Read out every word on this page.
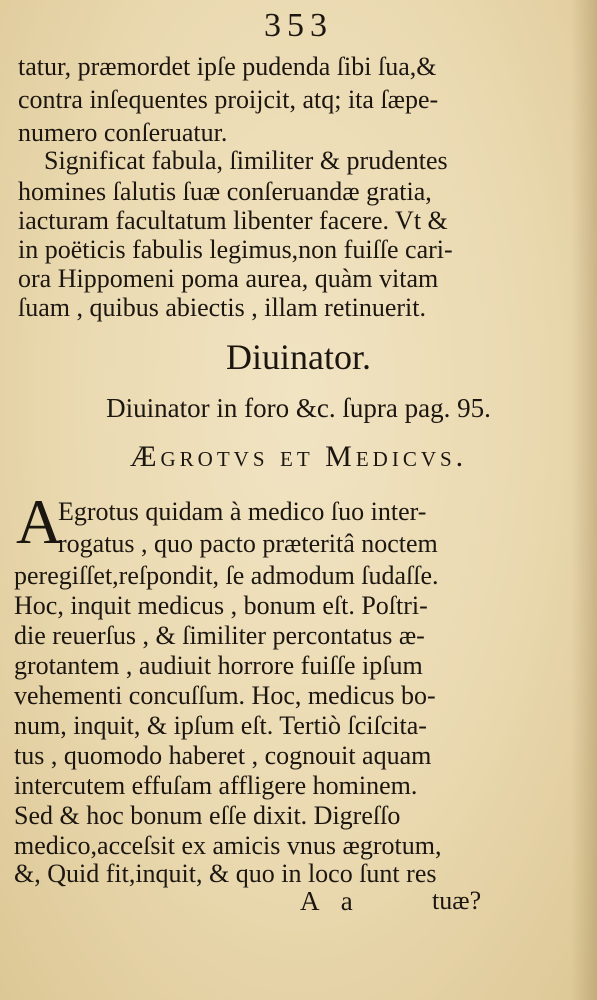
353
tatur, præmordet ipſe pudenda ſibi ſua,&
contra inſequentes proijcit, atq; ita ſæpe-
numero conſeruatur.
Significat fabula, ſimiliter & prudentes
homines ſalutis ſuæ conſeruandæ gratia,
iacturam facultatum libenter facere. Vt &
in poëticis fabulis legimus,non fuiſſe cari-
ora Hippomeni poma aurea, quàm vitam
ſuam , quibus abiectis , illam retinuerit.
Diuinator.
Diuinator in foro &c. ſupra pag. 95.
Ægrotvs et Medicvs.
A
Egrotus quidam à medico ſuo inter-
rogatus , quo pacto præteritâ noctem
peregiſſet,reſpondit, ſe admodum ſudaſſe.
Hoc, inquit medicus , bonum eſt. Poſtri-
die reuerſus , & ſimiliter percontatus æ-
grotantem , audiuit horrore fuiſſe ipſum
vehementi concuſſum. Hoc, medicus bo-
num, inquit, & ipſum eſt. Tertiò ſciſcita-
tus , quomodo haberet , cognouit aquam
intercutem effuſam affligere hominem.
Sed & hoc bonum eſſe dixit. Digreſſo
medico,acceſsit ex amicis vnus ægrotum,
&, Quid fit,inquit, & quo in loco ſunt res
A a	tuæ?
